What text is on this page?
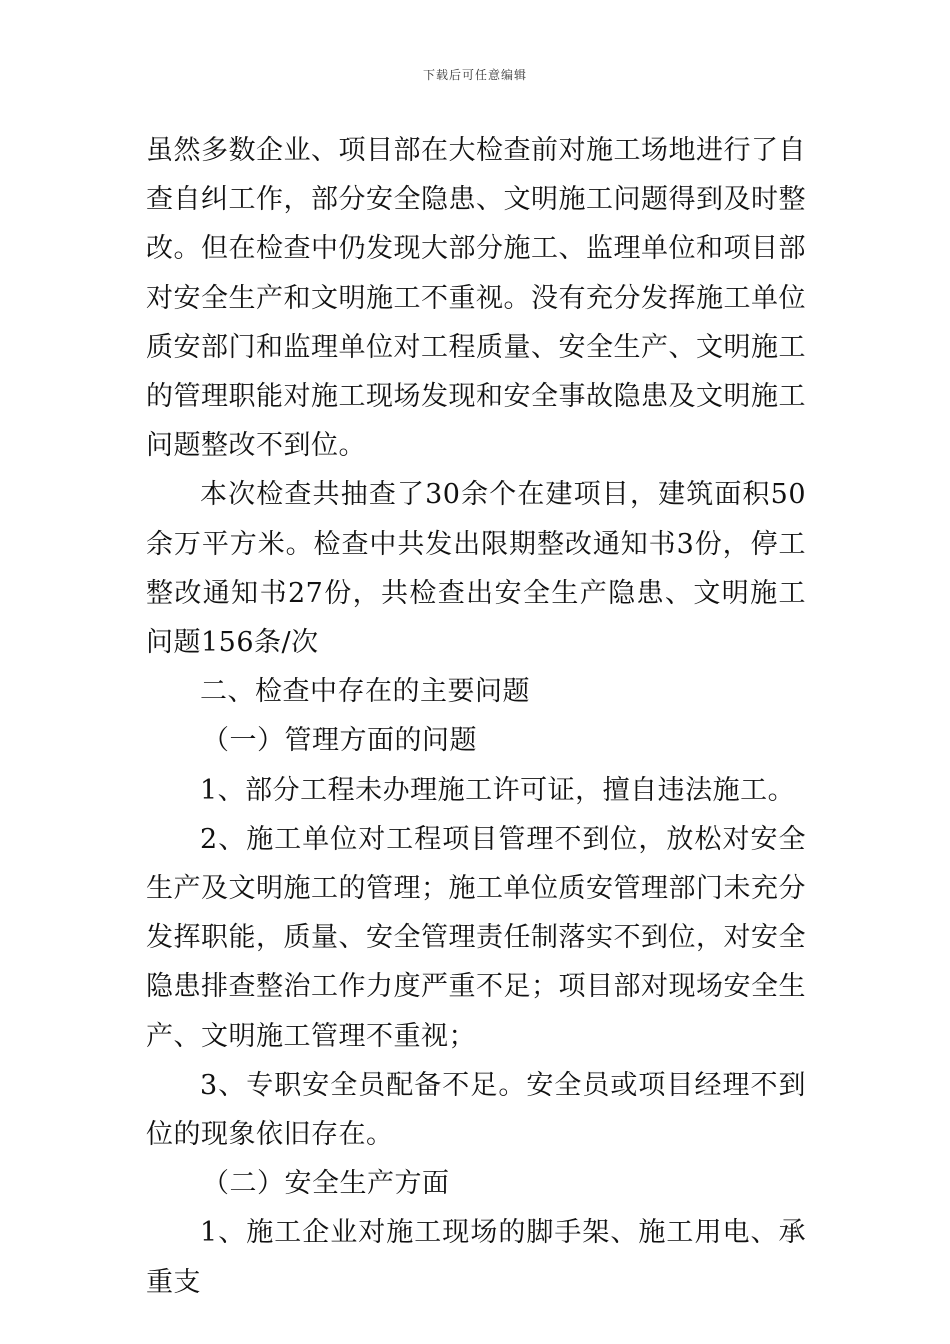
下载后可任意编辑

虽然多数企业、项目部在大检查前对施工场地进行了自查自纠工作，部分安全隐患、文明施工问题得到及时整改。但在检查中仍发现大部分施工、监理单位和项目部对安全生产和文明施工不重视。没有充分发挥施工单位质安部门和监理单位对工程质量、安全生产、文明施工的管理职能对施工现场发现和安全事故隐患及文明施工问题整改不到位。

本次检查共抽查了30余个在建项目，建筑面积50余万平方米。检查中共发出限期整改通知书3份，停工整改通知书27份，共检查出安全生产隐患、文明施工问题156条/次

二、检查中存在的主要问题

（一）管理方面的问题

1、部分工程未办理施工许可证，擅自违法施工。

2、施工单位对工程项目管理不到位，放松对安全生产及文明施工的管理；施工单位质安管理部门未充分发挥职能，质量、安全管理责任制落实不到位，对安全隐患排查整治工作力度严重不足；项目部对现场安全生产、文明施工管理不重视；

3、专职安全员配备不足。安全员或项目经理不到位的现象依旧存在。

（二）安全生产方面

1、施工企业对施工现场的脚手架、施工用电、承重支
